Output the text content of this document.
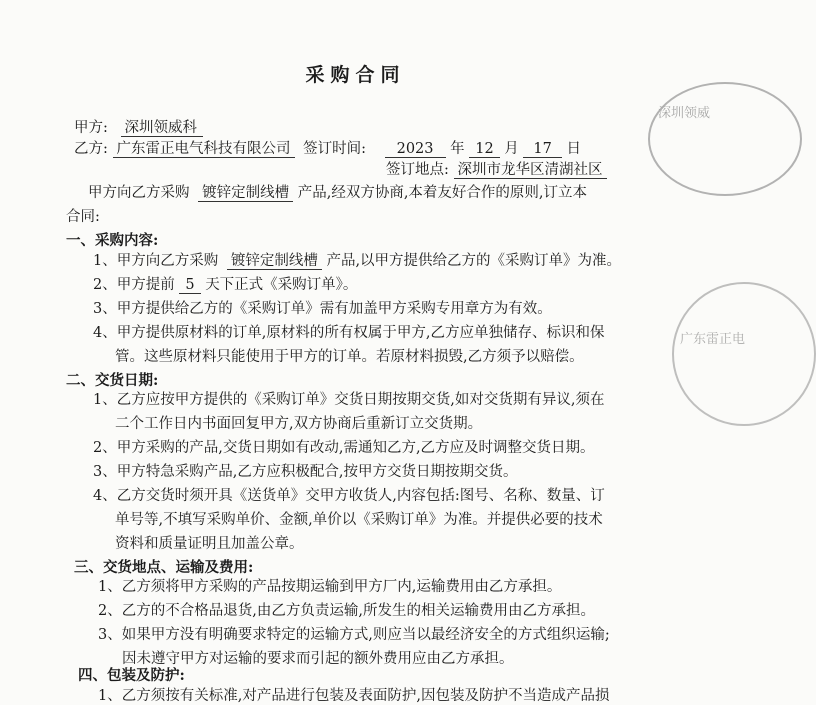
采购合同
甲方: 深圳领威科
乙方: 广东雷正电气科技有限公司 签订时间: 2023 年 12 月 17 日
签订地点: 深圳市龙华区清湖社区
甲方向乙方采购 镀锌定制线槽 产品,经双方协商,本着友好合作的原则,订立本
合同:
一、采购内容:
1、甲方向乙方采购 镀锌定制线槽 产品,以甲方提供给乙方的《采购订单》为准。
2、甲方提前 5 天下正式《采购订单》。
3、甲方提供给乙方的《采购订单》需有加盖甲方采购专用章方为有效。
4、甲方提供原材料的订单,原材料的所有权属于甲方,乙方应单独储存、标识和保
管。这些原材料只能使用于甲方的订单。若原材料损毁,乙方须予以赔偿。
二、交货日期:
1、乙方应按甲方提供的《采购订单》交货日期按期交货,如对交货期有异议,须在
二个工作日内书面回复甲方,双方协商后重新订立交货期。
2、甲方采购的产品,交货日期如有改动,需通知乙方,乙方应及时调整交货日期。
3、甲方特急采购产品,乙方应积极配合,按甲方交货日期按期交货。
4、乙方交货时须开具《送货单》交甲方收货人,内容包括:图号、名称、数量、订
单号等,不填写采购单价、金额,单价以《采购订单》为准。并提供必要的技术
资料和质量证明且加盖公章。
三、交货地点、运输及费用:
1、乙方须将甲方采购的产品按期运输到甲方厂内,运输费用由乙方承担。
2、乙方的不合格品退货,由乙方负责运输,所发生的相关运输费用由乙方承担。
3、如果甲方没有明确要求特定的运输方式,则应当以最经济安全的方式组织运输;
因未遵守甲方对运输的要求而引起的额外费用应由乙方承担。
四、包装及防护:
1、乙方须按有关标准,对产品进行包装及表面防护,因包装及防护不当造成产品损
深圳领威
广东雷正电
